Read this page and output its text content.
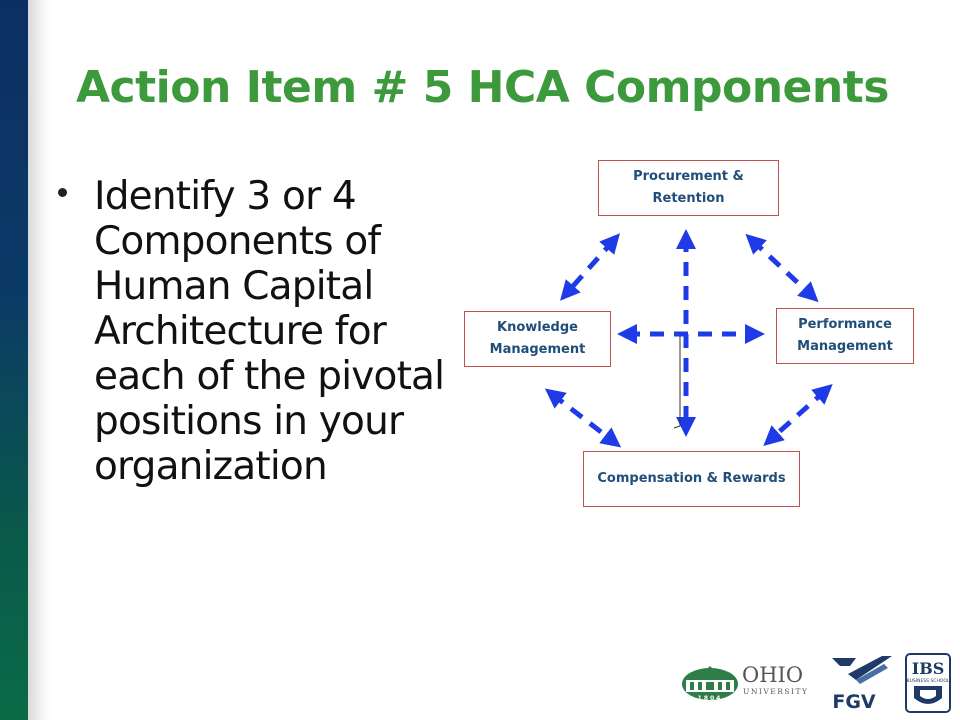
Action Item # 5 HCA Components
Identify 3 or 4 Components of Human Capital Architecture for each of the pivotal positions in your organization
Procurement & Retention
Knowledge Management
Performance Management
Compensation & Rewards
1804
OHIO
UNIVERSITY FGV
IBS
BUSINESS SCHOOL
